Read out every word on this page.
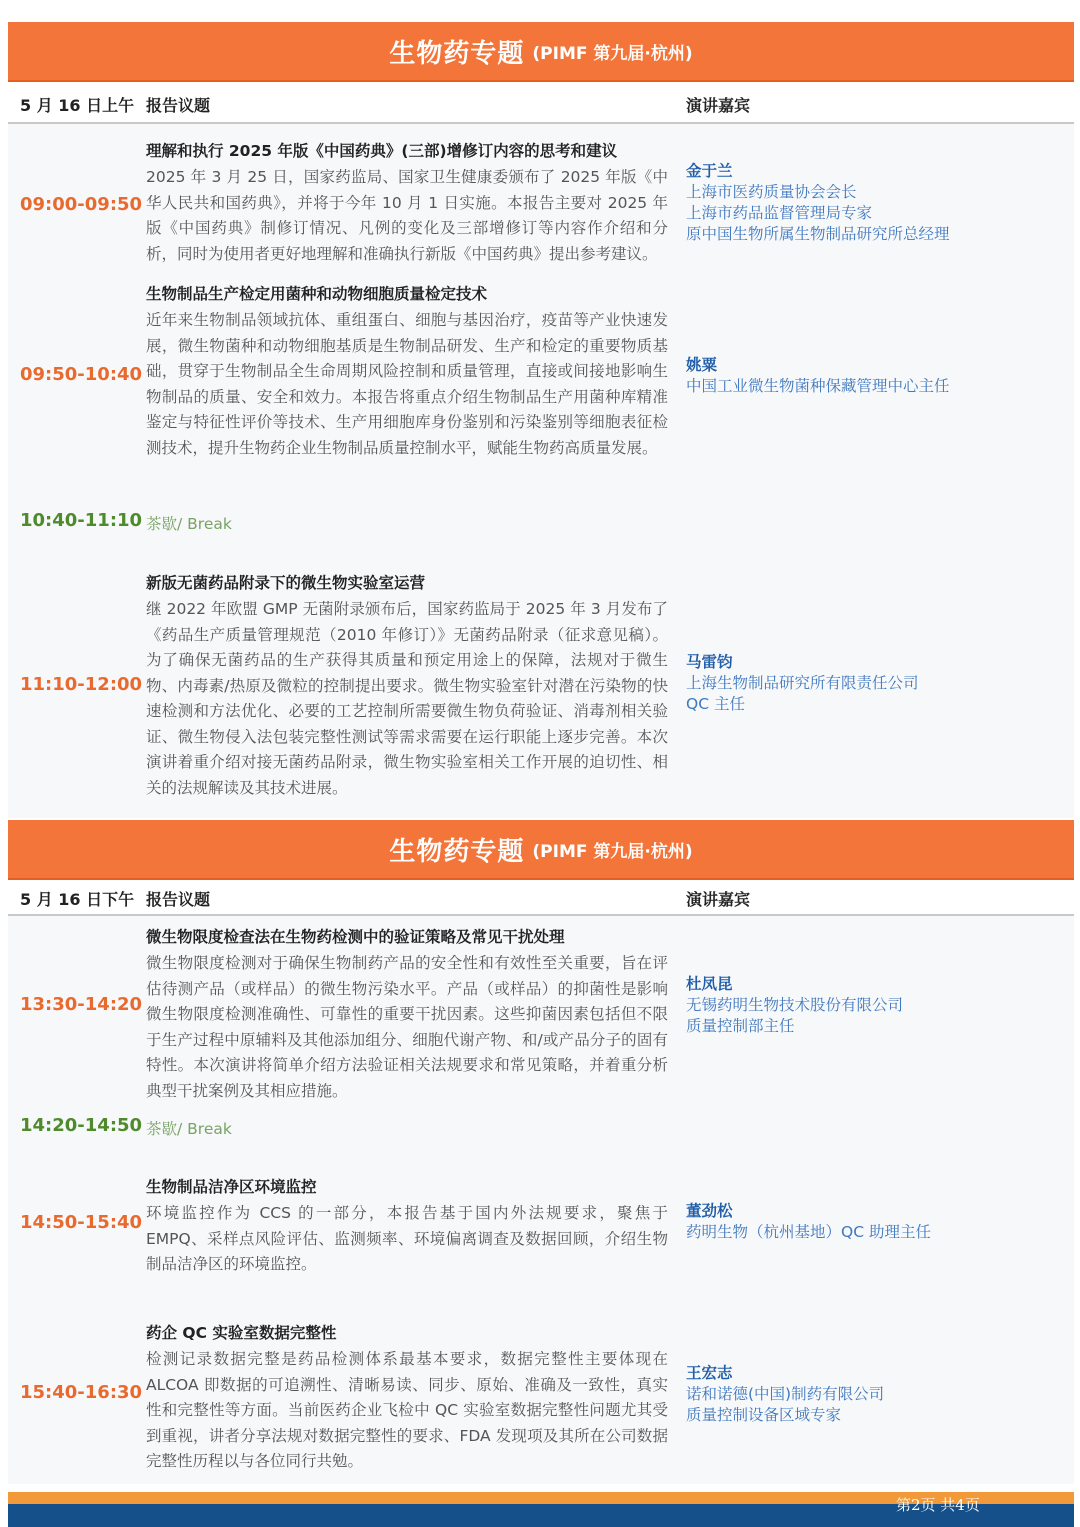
生物药专题 (PIMF 第九届·杭州)
5 月 16 日上午 报告议题	演讲嘉宾
09:00-09:50
理解和执行 2025 年版《中国药典》(三部)增修订内容的思考和建议
2025 年 3 月 25 日，国家药监局、国家卫生健康委颁布了 2025 年版《中华人民共和国药典》，并将于今年 10 月 1 日实施。本报告主要对 2025 年版《中国药典》制修订情况、凡例的变化及三部增修订等内容作介绍和分析，同时为使用者更好地理解和准确执行新版《中国药典》提出参考建议。
金于兰
上海市医药质量协会会长
上海市药品监督管理局专家
原中国生物所属生物制品研究所总经理
09:50-10:40
生物制品生产检定用菌种和动物细胞质量检定技术
近年来生物制品领域抗体、重组蛋白、细胞与基因治疗，疫苗等产业快速发展，微生物菌种和动物细胞基质是生物制品研发、生产和检定的重要物质基础，贯穿于生物制品全生命周期风险控制和质量管理，直接或间接地影响生物制品的质量、安全和效力。本报告将重点介绍生物制品生产用菌种库精准鉴定与特征性评价等技术、生产用细胞库身份鉴别和污染鉴别等细胞表征检测技术，提升生物药企业生物制品质量控制水平，赋能生物药高质量发展。
姚粟
中国工业微生物菌种保藏管理中心主任
10:40-11:10 茶歇/ Break
11:10-12:00
新版无菌药品附录下的微生物实验室运营
继 2022 年欧盟 GMP 无菌附录颁布后，国家药监局于 2025 年 3 月发布了《药品生产质量管理规范（2010 年修订）》无菌药品附录（征求意见稿）。为了确保无菌药品的生产获得其质量和预定用途上的保障，法规对于微生物、内毒素/热原及微粒的控制提出要求。微生物实验室针对潜在污染物的快速检测和方法优化、必要的工艺控制所需要微生物负荷验证、消毒剂相关验证、微生物侵入法包装完整性测试等需求需要在运行职能上逐步完善。本次演讲着重介绍对接无菌药品附录，微生物实验室相关工作开展的迫切性、相关的法规解读及其技术进展。
马雷钧
上海生物制品研究所有限责任公司
QC 主任
生物药专题 (PIMF 第九届·杭州)
5 月 16 日下午 报告议题	演讲嘉宾
13:30-14:20
微生物限度检查法在生物药检测中的验证策略及常见干扰处理
微生物限度检测对于确保生物制药产品的安全性和有效性至关重要，旨在评估待测产品（或样品）的微生物污染水平。产品（或样品）的抑菌性是影响微生物限度检测准确性、可靠性的重要干扰因素。这些抑菌因素包括但不限于生产过程中原辅料及其他添加组分、细胞代谢产物、和/或产品分子的固有特性。本次演讲将简单介绍方法验证相关法规要求和常见策略，并着重分析典型干扰案例及其相应措施。
杜凤昆
无锡药明生物技术股份有限公司
质量控制部主任
14:20-14:50 茶歇/ Break
14:50-15:40
生物制品洁净区环境监控
环境监控作为 CCS 的一部分，本报告基于国内外法规要求，聚焦于 EMPQ、采样点风险评估、监测频率、环境偏离调查及数据回顾，介绍生物制品洁净区的环境监控。
董劲松
药明生物（杭州基地）QC 助理主任
15:40-16:30
药企 QC 实验室数据完整性
检测记录数据完整是药品检测体系最基本要求，数据完整性主要体现在 ALCOA 即数据的可追溯性、清晰易读、同步、原始、准确及一致性，真实性和完整性等方面。当前医药企业飞检中 QC 实验室数据完整性问题尤其受到重视，讲者分享法规对数据完整性的要求、FDA 发现项及其所在公司数据完整性历程以与各位同行共勉。
王宏志
诺和诺德(中国)制药有限公司
质量控制设备区域专家
第2页 共4页
